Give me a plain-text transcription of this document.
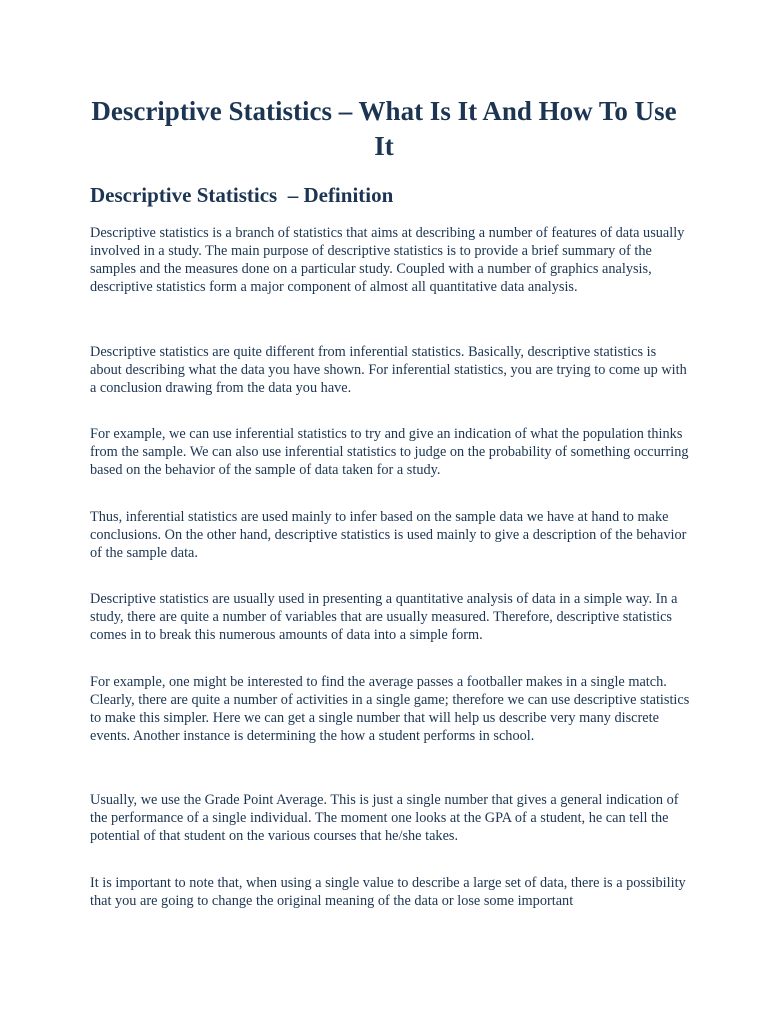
Descriptive Statistics – What Is It And How To Use It
Descriptive Statistics  – Definition

Descriptive statistics is a branch of statistics that aims at describing a number of features of data usually involved in a study. The main purpose of descriptive statistics is to provide a brief summary of the samples and the measures done on a particular study. Coupled with a number of graphics analysis, descriptive statistics form a major component of almost all quantitative data analysis.

Descriptive statistics are quite different from inferential statistics. Basically, descriptive statistics is about describing what the data you have shown. For inferential statistics, you are trying to come up with a conclusion drawing from the data you have.

For example, we can use inferential statistics to try and give an indication of what the population thinks from the sample. We can also use inferential statistics to judge on the probability of something occurring based on the behavior of the sample of data taken for a study.

Thus, inferential statistics are used mainly to infer based on the sample data we have at hand to make conclusions. On the other hand, descriptive statistics is used mainly to give a description of the behavior of the sample data.

Descriptive statistics are usually used in presenting a quantitative analysis of data in a simple way. In a study, there are quite a number of variables that are usually measured. Therefore, descriptive statistics comes in to break this numerous amounts of data into a simple form.

For example, one might be interested to find the average passes a footballer makes in a single match. Clearly, there are quite a number of activities in a single game; therefore we can use descriptive statistics to make this simpler. Here we can get a single number that will help us describe very many discrete events. Another instance is determining the how a student performs in school.

Usually, we use the Grade Point Average. This is just a single number that gives a general indication of the performance of a single individual. The moment one looks at the GPA of a student, he can tell the potential of that student on the various courses that he/she takes.

It is important to note that, when using a single value to describe a large set of data, there is a possibility that you are going to change the original meaning of the data or lose some important
